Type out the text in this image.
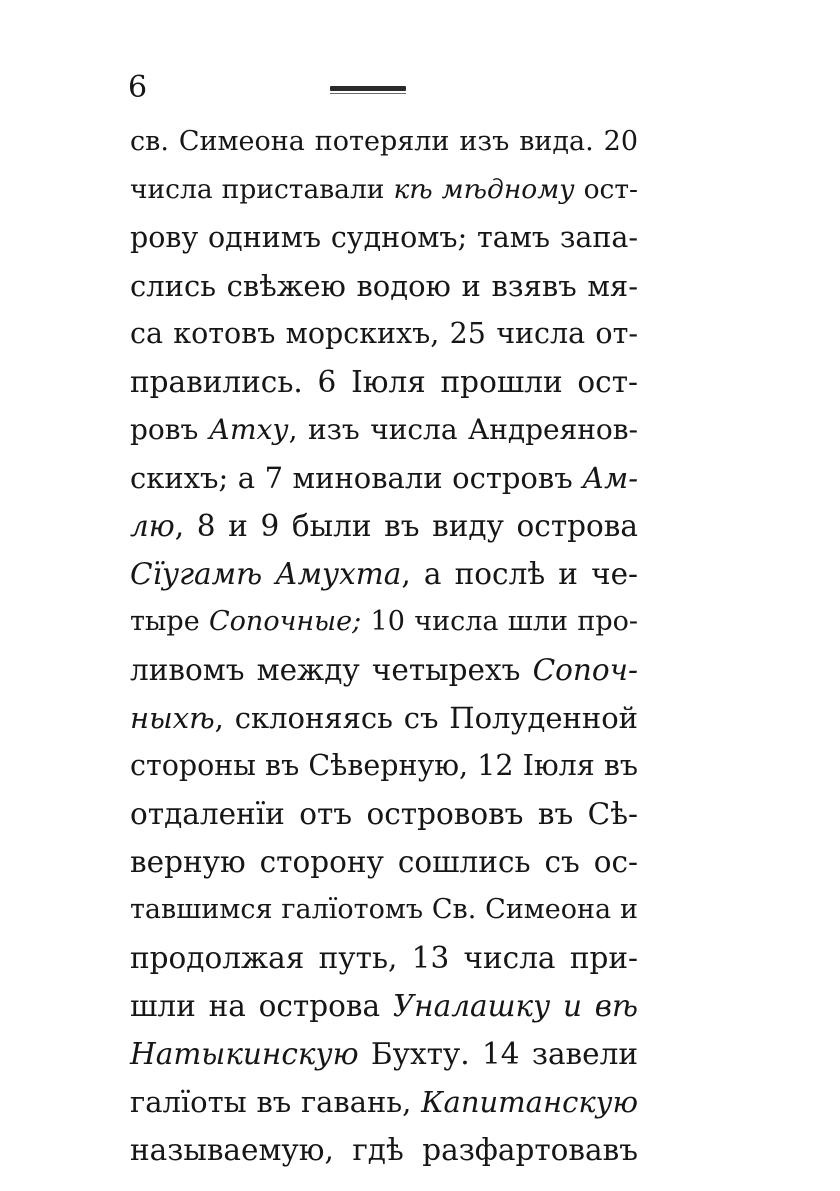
6
св. Симеона потеряли изъ вида. 20
числа приставали кѣ мѣдному ост-
рову однимъ судномъ; тамъ запа-
слись свѣжею водою и взявъ мя-
са котовъ морскихъ, 25 числа от-
правились. 6 Іюля прошли ост-
ровъ Атху, изъ числа Андреянов-
скихъ; а 7 миновали островъ Ам-
лю, 8 и 9 были въ виду острова
Сїугамѣ Амухта, а послѣ и че-
тыре Сопочные; 10 числа шли про-
ливомъ между четырехъ Сопоч-
ныхѣ, склоняясь съ Полуденной
стороны въ Сѣверную, 12 Іюля въ
отдаленїи отъ острововъ въ Сѣ-
верную сторону сошлись съ ос-
тавшимся галїотомъ Св. Симеона и
продолжая путь, 13 числа при-
шли на острова Уналашку и вѣ
Натыкинскую Бухту. 14 завели
галїоты въ гавань, Капитанскую
называемую, гдѣ разфартовавъ
